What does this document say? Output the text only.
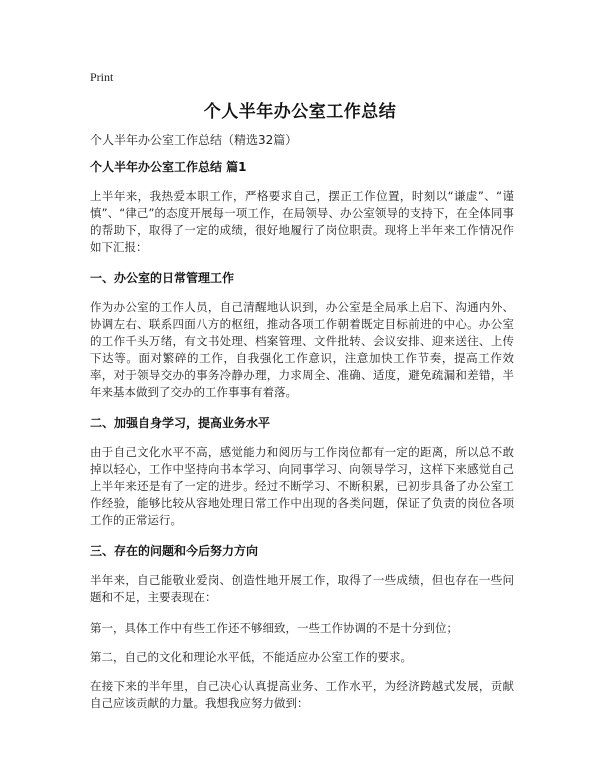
Print
个人半年办公室工作总结

个人半年办公室工作总结（精选32篇）

个人半年办公室工作总结 篇1

上半年来，我热爱本职工作，严格要求自己，摆正工作位置，时刻以“谦虚”、“谨慎”、“律己”的态度开展每一项工作，在局领导、办公室领导的支持下，在全体同事的帮助下，取得了一定的成绩，很好地履行了岗位职责。现将上半年来工作情况作如下汇报：

一、办公室的日常管理工作

作为办公室的工作人员，自己清醒地认识到，办公室是全局承上启下、沟通内外、协调左右、联系四面八方的枢纽，推动各项工作朝着既定目标前进的中心。办公室的工作千头万绪，有文书处理、档案管理、文件批转、会议安排、迎来送往、上传下达等。面对繁碎的工作，自我强化工作意识，注意加快工作节奏，提高工作效率，对于领导交办的事务冷静办理，力求周全、准确、适度，避免疏漏和差错，半年来基本做到了交办的工作事事有着落。

二、加强自身学习，提高业务水平

由于自己文化水平不高，感觉能力和阅历与工作岗位都有一定的距离，所以总不敢掉以轻心，工作中坚持向书本学习、向同事学习、向领导学习，这样下来感觉自己上半年来还是有了一定的进步。经过不断学习、不断积累，已初步具备了办公室工作经验，能够比较从容地处理日常工作中出现的各类问题，保证了负责的岗位各项工作的正常运行。

三、存在的问题和今后努力方向

半年来，自己能敬业爱岗、创造性地开展工作，取得了一些成绩，但也存在一些问题和不足，主要表现在：

第一，具体工作中有些工作还不够细致，一些工作协调的不是十分到位；

第二，自己的文化和理论水平低，不能适应办公室工作的要求。

在接下来的半年里，自己决心认真提高业务、工作水平，为经济跨越式发展，贡献自己应该贡献的力量。我想我应努力做到：
